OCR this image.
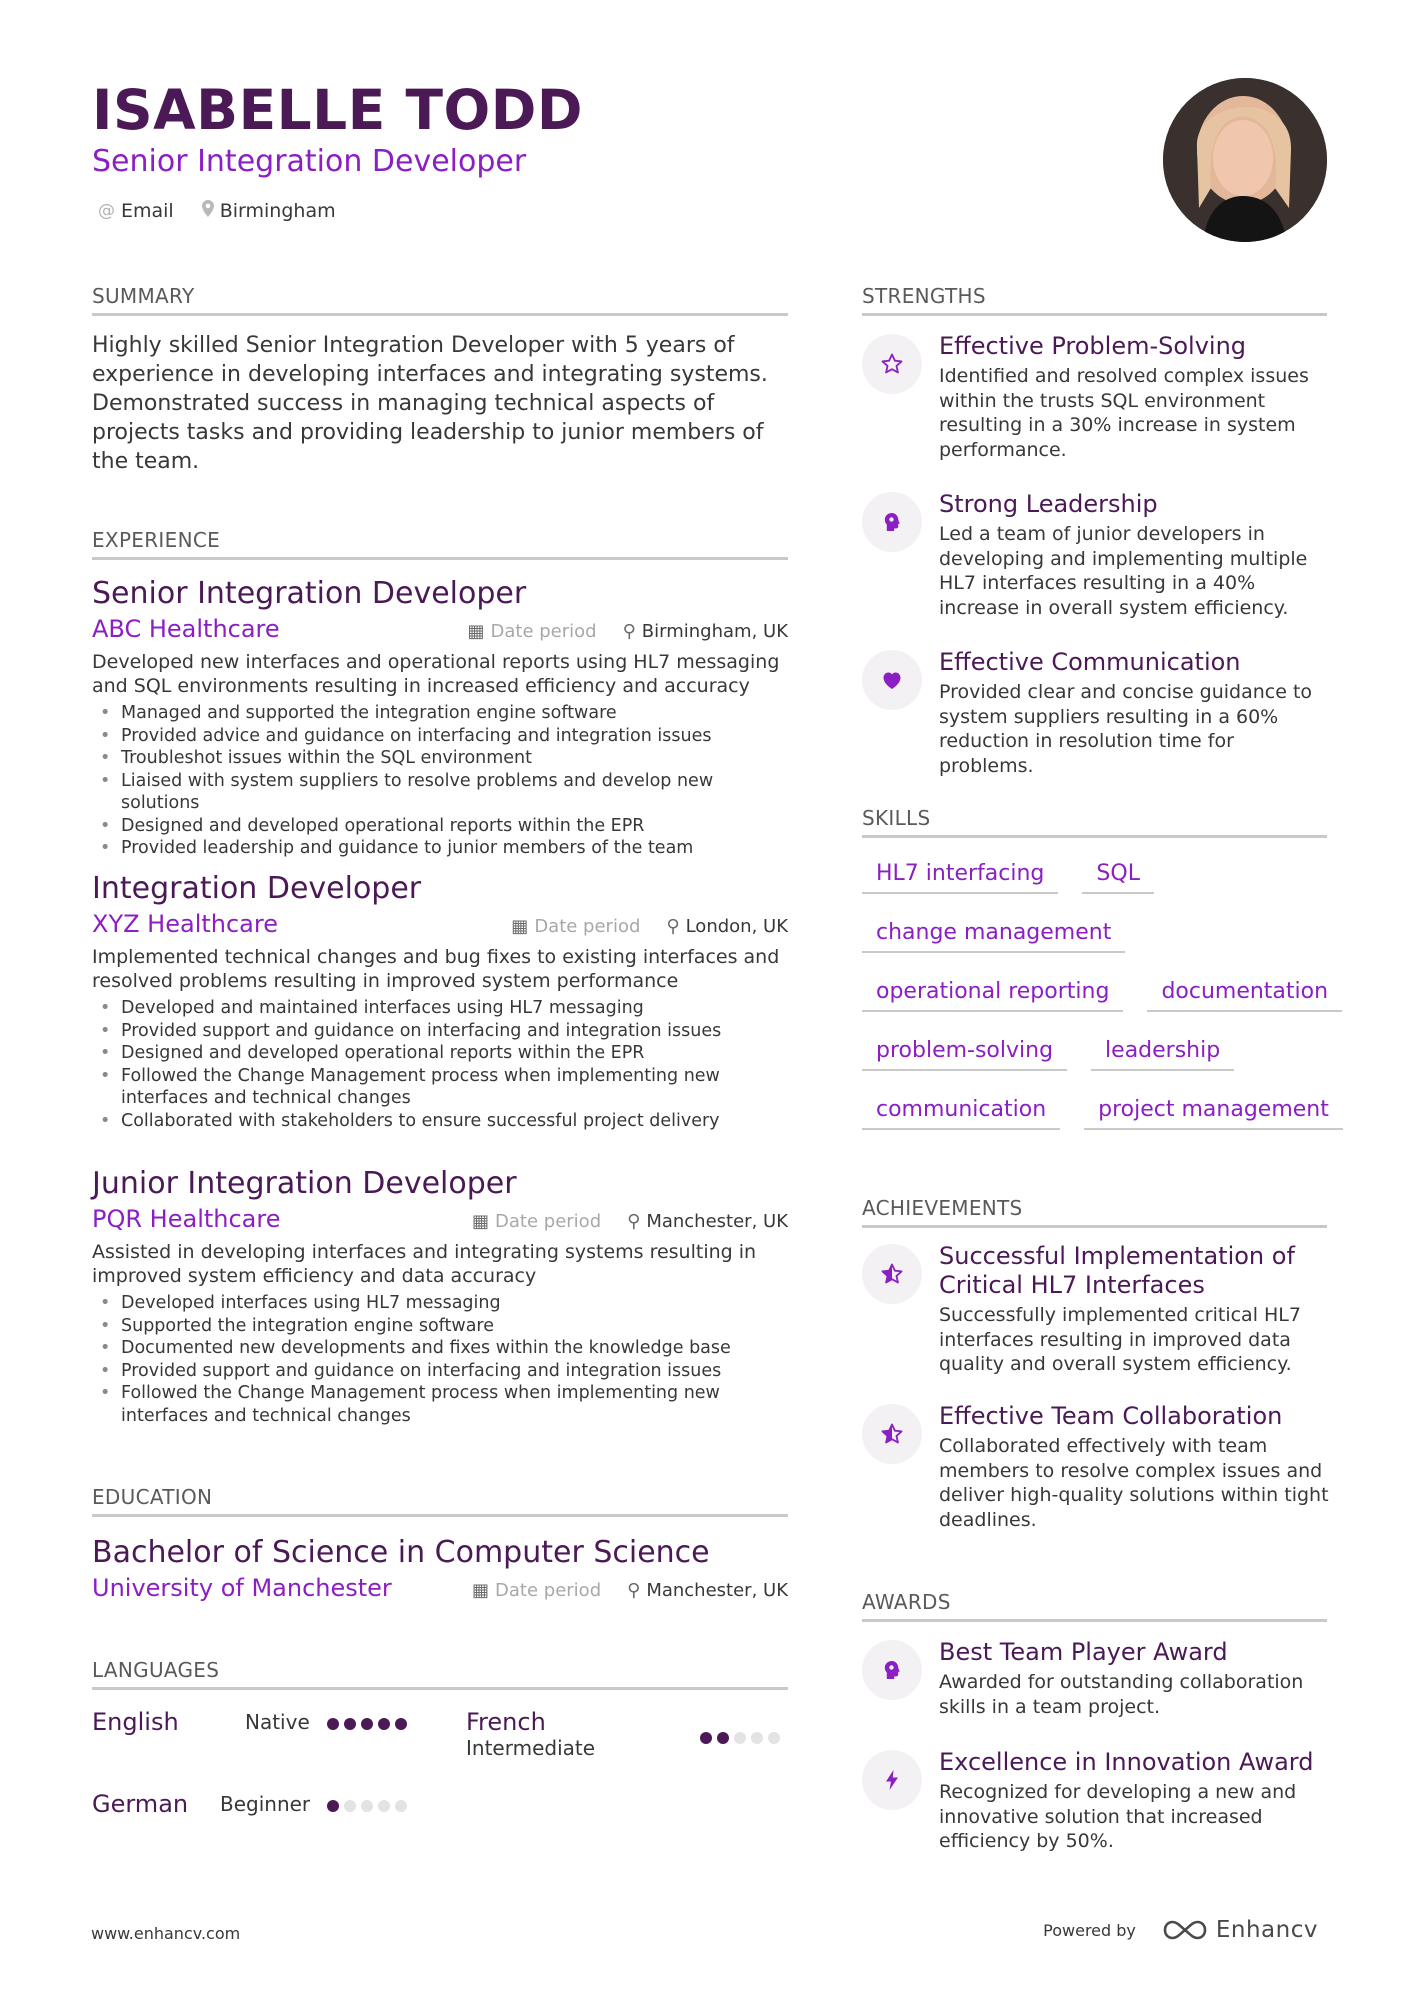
ISABELLE TODD
Senior Integration Developer
@ Email Birmingham
SUMMARY
Highly skilled Senior Integration Developer with 5 years of experience in developing interfaces and integrating systems. Demonstrated success in managing technical aspects of projects tasks and providing leadership to junior members of the team.
EXPERIENCE
Senior Integration Developer
ABC Healthcare	▦ Date period ⚲ Birmingham, UK
Developed new interfaces and operational reports using HL7 messaging and SQL environments resulting in increased efficiency and accuracy
• Managed and supported the integration engine software
• Provided advice and guidance on interfacing and integration issues
• Troubleshot issues within the SQL environment
• Liaised with system suppliers to resolve problems and develop new solutions
• Designed and developed operational reports within the EPR
• Provided leadership and guidance to junior members of the team
Integration Developer
XYZ Healthcare	▦ Date period ⚲ London, UK
Implemented technical changes and bug fixes to existing interfaces and resolved problems resulting in improved system performance
• Developed and maintained interfaces using HL7 messaging
• Provided support and guidance on interfacing and integration issues
• Designed and developed operational reports within the EPR
• Followed the Change Management process when implementing new interfaces and technical changes
• Collaborated with stakeholders to ensure successful project delivery
Junior Integration Developer
PQR Healthcare	▦ Date period ⚲ Manchester, UK
Assisted in developing interfaces and integrating systems resulting in improved system efficiency and data accuracy
• Developed interfaces using HL7 messaging
• Supported the integration engine software
• Documented new developments and fixes within the knowledge base
• Provided support and guidance on interfacing and integration issues
• Followed the Change Management process when implementing new interfaces and technical changes
EDUCATION
Bachelor of Science in Computer Science
University of Manchester	▦ Date period ⚲ Manchester, UK
LANGUAGES
English	Native	French
Intermediate
German Beginner
STRENGTHS
Effective Problem-Solving
Identified and resolved complex issues within the trusts SQL environment resulting in a 30% increase in system performance.
Strong Leadership
Led a team of junior developers in developing and implementing multiple HL7 interfaces resulting in a 40% increase in overall system efficiency.
Effective Communication
Provided clear and concise guidance to system suppliers resulting in a 60% reduction in resolution time for problems.
SKILLS
HL7 interfacing	SQL
change management
operational reporting	documentation
problem-solving	leadership
communication	project management
ACHIEVEMENTS
Successful Implementation of Critical HL7 Interfaces
Successfully implemented critical HL7 interfaces resulting in improved data quality and overall system efficiency.
Effective Team Collaboration
Collaborated effectively with team members to resolve complex issues and deliver high-quality solutions within tight deadlines.
AWARDS
Best Team Player Award
Awarded for outstanding collaboration skills in a team project.
Excellence in Innovation Award
Recognized for developing a new and innovative solution that increased efficiency by 50%.
www.enhancv.com	Powered by	Enhancv
